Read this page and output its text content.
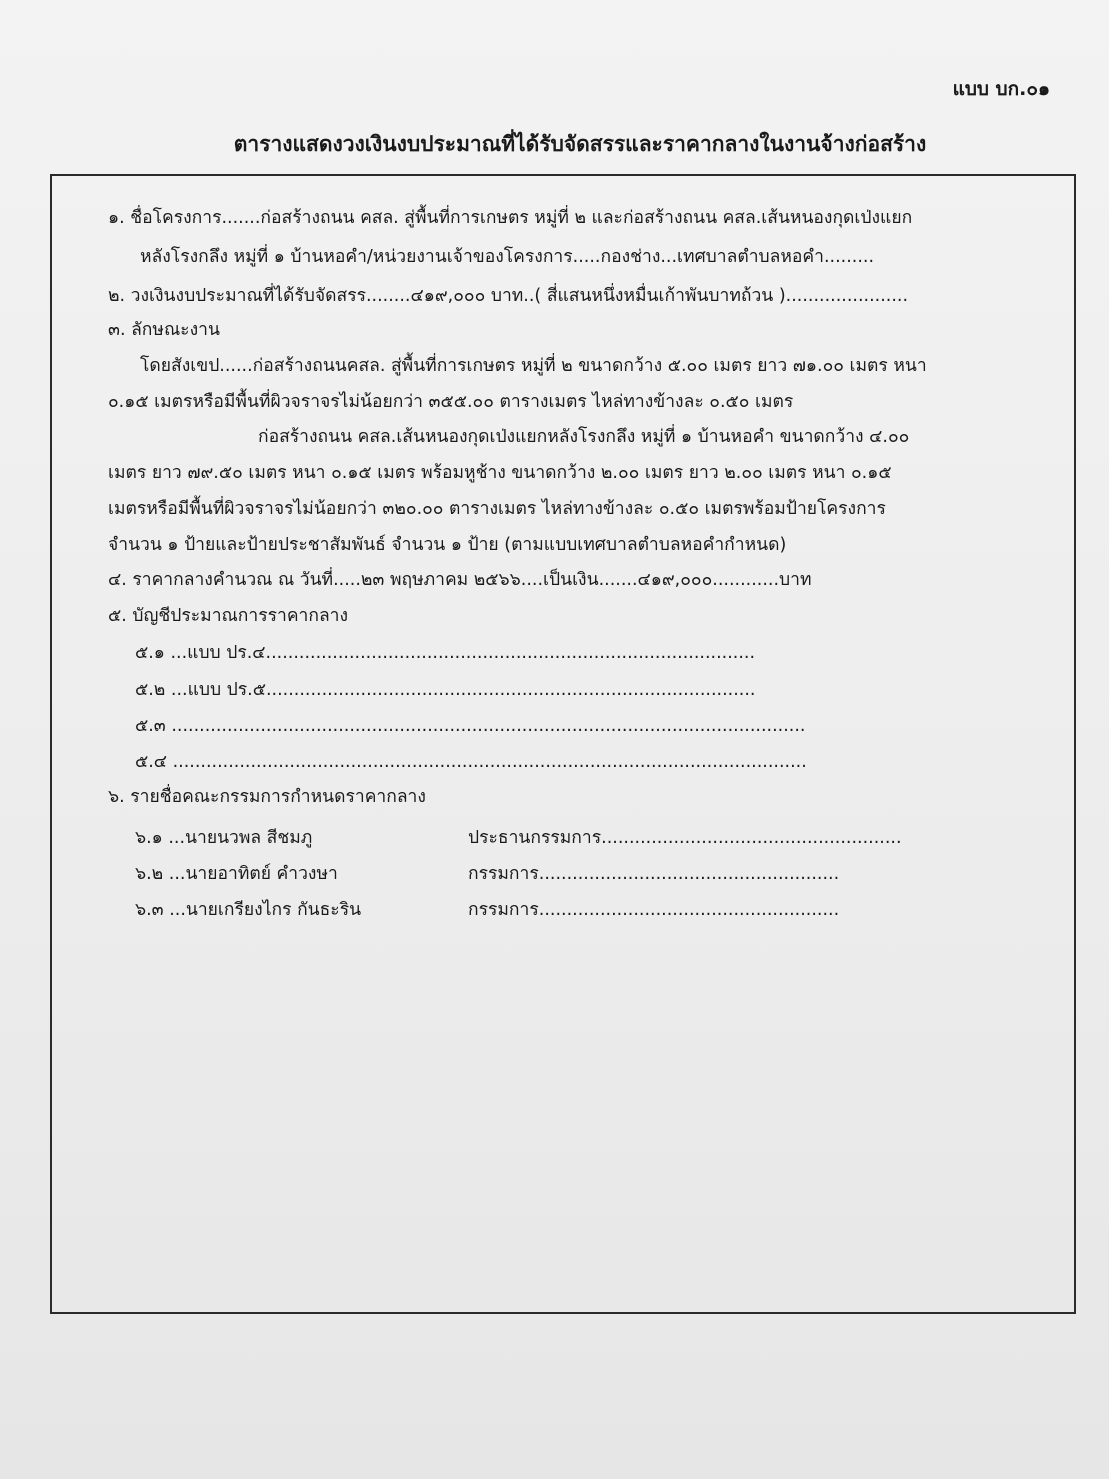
แบบ บก.๐๑
ตารางแสดงวงเงินงบประมาณที่ได้รับจัดสรรและราคากลางในงานจ้างก่อสร้าง
๑. ชื่อโครงการ.......ก่อสร้างถนน คสล. สู่พื้นที่การเกษตร หมู่ที่ ๒ และก่อสร้างถนน คสล.เส้นหนองกุดเป่งแยก
หลังโรงกลึง หมู่ที่ ๑ บ้านหอคำ/หน่วยงานเจ้าของโครงการ.....กองช่าง...เทศบาลตำบลหอคำ.........
๒. วงเงินงบประมาณที่ได้รับจัดสรร........๔๑๙,๐๐๐ บาท..( สี่แสนหนึ่งหมื่นเก้าพันบาทถ้วน )......................
๓. ลักษณะงาน
โดยสังเขป......ก่อสร้างถนนคสล. สู่พื้นที่การเกษตร หมู่ที่ ๒ ขนาดกว้าง ๕.๐๐ เมตร ยาว ๗๑.๐๐ เมตร หนา
๐.๑๕ เมตรหรือมีพื้นที่ผิวจราจรไม่น้อยกว่า ๓๕๕.๐๐ ตารางเมตร ไหล่ทางข้างละ ๐.๕๐ เมตร
ก่อสร้างถนน คสล.เส้นหนองกุดเป่งแยกหลังโรงกลึง หมู่ที่ ๑ บ้านหอคำ ขนาดกว้าง ๔.๐๐
เมตร ยาว ๗๙.๕๐ เมตร หนา ๐.๑๕ เมตร พร้อมหูช้าง ขนาดกว้าง ๒.๐๐ เมตร ยาว ๒.๐๐ เมตร หนา ๐.๑๕
เมตรหรือมีพื้นที่ผิวจราจรไม่น้อยกว่า ๓๒๐.๐๐ ตารางเมตร ไหล่ทางข้างละ ๐.๕๐ เมตรพร้อมป้ายโครงการ
จำนวน ๑ ป้ายและป้ายประชาสัมพันธ์ จำนวน ๑ ป้าย (ตามแบบเทศบาลตำบลหอคำกำหนด)
๔. ราคากลางคำนวณ ณ วันที่.....๒๓ พฤษภาคม ๒๕๖๖....เป็นเงิน.......๔๑๙,๐๐๐............บาท
๕. บัญชีประมาณการราคากลาง
๕.๑ ...แบบ ปร.๔........................................................................................
๕.๒ ...แบบ ปร.๕........................................................................................
๕.๓ ..................................................................................................................
๕.๔ ..................................................................................................................
๖. รายชื่อคณะกรรมการกำหนดราคากลาง
๖.๑ ...นายนวพล สีชมภู	ประธานกรรมการ......................................................
๖.๒ ...นายอาทิตย์ คำวงษา	กรรมการ......................................................
๖.๓ ...นายเกรียงไกร กันธะริน	กรรมการ......................................................
